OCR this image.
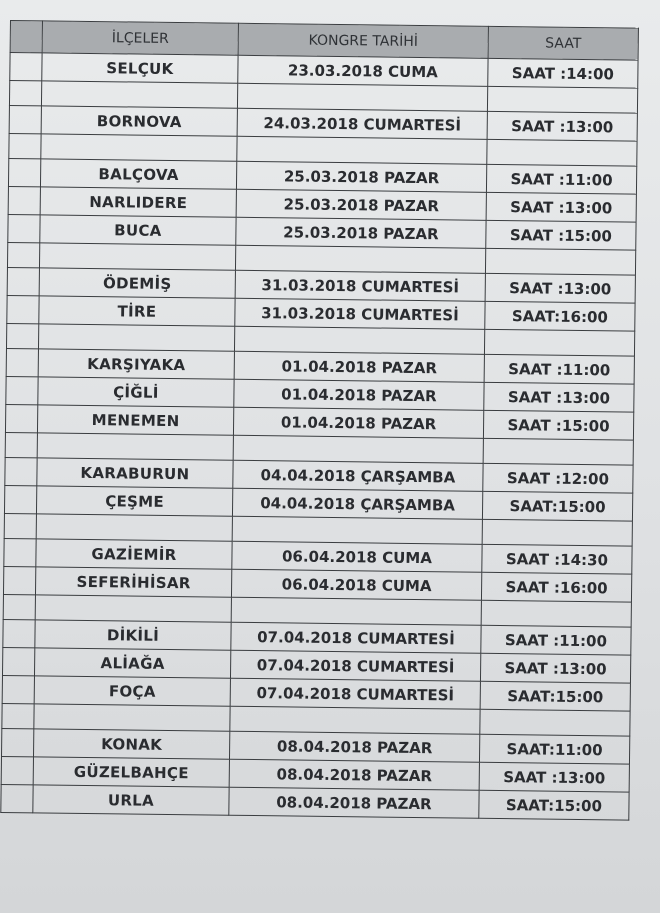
	İLÇELER	KONGRE TARİHİ	SAAT
	SELÇUK	23.03.2018 CUMA	SAAT :14:00

	BORNOVA	24.03.2018 CUMARTESİ	SAAT :13:00

	BALÇOVA	25.03.2018 PAZAR	SAAT :11:00
	NARLIDERE	25.03.2018 PAZAR	SAAT :13:00
	BUCA	25.03.2018 PAZAR	SAAT :15:00

	ÖDEMİŞ	31.03.2018 CUMARTESİ	SAAT :13:00
	TİRE	31.03.2018 CUMARTESİ	SAAT:16:00

	KARŞIYAKA	01.04.2018 PAZAR	SAAT :11:00
	ÇİĞLİ	01.04.2018 PAZAR	SAAT :13:00
	MENEMEN	01.04.2018 PAZAR	SAAT :15:00

	KARABURUN	04.04.2018 ÇARŞAMBA	SAAT :12:00
	ÇEŞME	04.04.2018 ÇARŞAMBA	SAAT:15:00

	GAZİEMİR	06.04.2018 CUMA	SAAT :14:30
	SEFERİHİSAR	06.04.2018 CUMA	SAAT :16:00

	DİKİLİ	07.04.2018 CUMARTESİ	SAAT :11:00
	ALİAĞA	07.04.2018 CUMARTESİ	SAAT :13:00
	FOÇA	07.04.2018 CUMARTESİ	SAAT:15:00

	KONAK	08.04.2018 PAZAR	SAAT:11:00
	GÜZELBAHÇE	08.04.2018 PAZAR	SAAT :13:00
	URLA	08.04.2018 PAZAR	SAAT:15:00
